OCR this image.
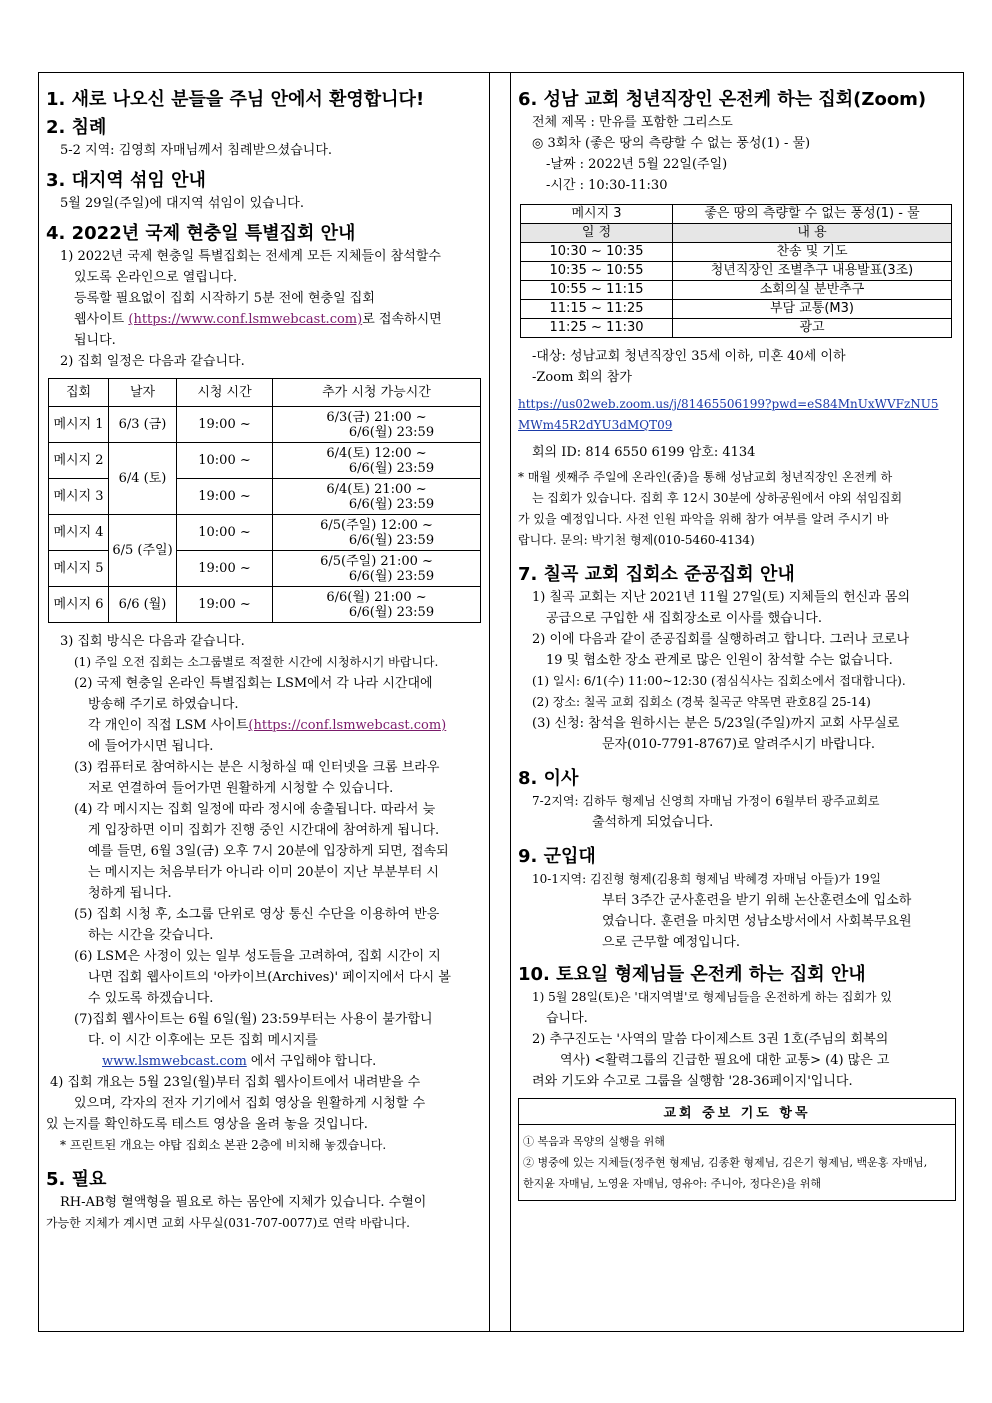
1. 새로 나오신 분들을 주님 안에서 환영합니다!
2. 침례
5-2 지역: 김영희 자매님께서 침례받으셨습니다.
3. 대지역 섞임 안내
5월 29일(주일)에 대지역 섞임이 있습니다.
4. 2022년 국제 현충일 특별집회 안내
1) 2022년 국제 현충일 특별집회는 전세계 모든 지체들이 참석할수
있도록 온라인으로 열립니다.
등록할 필요없이 집회 시작하기 5분 전에 현충일 집회
웹사이트 (https://www.conf.lsmwebcast.com)로 접속하시면
됩니다.
2) 집회 일정은 다음과 같습니다.
집회	날자	시청 시간	추가 시청 가능시간
메시지 1	6/3 (금)	19:00 ~	6/3(금) 21:00 ~
6/6(월) 23:59

메시지 2	6/4 (토)	10:00 ~	6/4(토) 12:00 ~
6/6(월) 23:59

메시지 3		19:00 ~	6/4(토) 21:00 ~
6/6(월) 23:59

메시지 4	6/5 (주일)	10:00 ~	6/5(주일) 12:00 ~
6/6(월) 23:59

메시지 5		19:00 ~	6/5(주일) 21:00 ~
6/6(월) 23:59

메시지 6	6/6 (월)	19:00 ~	6/6(월) 21:00 ~
6/6(월) 23:59
3) 집회 방식은 다음과 같습니다.
(1) 주일 오전 집회는 소그룹별로 적절한 시간에 시청하시기 바랍니다.
(2) 국제 현충일 온라인 특별집회는 LSM에서 각 나라 시간대에
방송해 주기로 하였습니다.
각 개인이 직접 LSM 사이트(https://conf.lsmwebcast.com)
에 들어가시면 됩니다.
(3) 컴퓨터로 참여하시는 분은 시청하실 때 인터넷을 크롬 브라우
저로 연결하여 들어가면 원활하게 시청할 수 있습니다.
(4) 각 메시지는 집회 일정에 따라 정시에 송출됩니다. 따라서 늦
게 입장하면 이미 집회가 진행 중인 시간대에 참여하게 됩니다.
예를 들면, 6월 3일(금) 오후 7시 20분에 입장하게 되면, 접속되
는 메시지는 처음부터가 아니라 이미 20분이 지난 부분부터 시
청하게 됩니다.
(5) 집회 시청 후, 소그룹 단위로 영상 통신 수단을 이용하여 반응
하는 시간을 갖습니다.
(6) LSM은 사정이 있는 일부 성도들을 고려하여, 집회 시간이 지
나면 집회 웹사이트의 '아카이브(Archives)' 페이지에서 다시 볼
수 있도록 하겠습니다.
(7)집회 웹사이트는 6월 6일(월) 23:59부터는 사용이 불가합니
다. 이 시간 이후에는 모든 집회 메시지를
www.lsmwebcast.com 에서 구입해야 합니다.
4) 집회 개요는 5월 23일(월)부터 집회 웹사이트에서 내려받을 수
있으며, 각자의 전자 기기에서 집회 영상을 원활하게 시청할 수
있 는지를 확인하도록 테스트 영상을 올려 놓을 것입니다.
* 프린트된 개요는 야탑 집회소 본관 2층에 비치해 놓겠습니다.
5. 필요
RH-AB형 혈액형을 필요로 하는 몸안에 지체가 있습니다. 수혈이
가능한 지체가 계시면 교회 사무실(031-707-0077)로 연락 바랍니다.
6. 성남 교회 청년직장인 온전케 하는 집회(Zoom)
전체 제목 : 만유를 포함한 그리스도
◎ 3회차 (좋은 땅의 측량할 수 없는 풍성(1) - 물)
-날짜 : 2022년 5월 22일(주일)
-시간 : 10:30-11:30
메시지 3	좋은 땅의 측량할 수 없는 풍성(1) - 물
일 정	내 용
10:30 ~ 10:35	찬송 및 기도
10:35 ~ 10:55	청년직장인 조별추구 내용발표(3조)
10:55 ~ 11:15	소회의실 분반추구
11:15 ~ 11:25	부담 교통(M3)
11:25 ~ 11:30	광고
-대상: 성남교회 청년직장인 35세 이하, 미혼 40세 이하
-Zoom 회의 참가
https://us02web.zoom.us/j/81465506199?pwd=eS84MnUxWVFzNU5
MWm45R2dYU3dMQT09
회의 ID: 814 6550 6199 암호: 4134
* 매월 셋째주 주일에 온라인(줌)을 통해 성남교회 청년직장인 온전케 하
는 집회가 있습니다. 집회 후 12시 30분에 상하공원에서 야외 섞임집회
가 있을 예정입니다. 사전 인원 파악을 위해 참가 여부를 알려 주시기 바
랍니다. 문의: 박기천 형제(010-5460-4134)
7. 칠곡 교회 집회소 준공집회 안내
1) 칠곡 교회는 지난 2021년 11월 27일(토) 지체들의 헌신과 몸의
공급으로 구입한 새 집회장소로 이사를 했습니다.
2) 이에 다음과 같이 준공집회를 실행하려고 합니다. 그러나 코로나
19 및 협소한 장소 관계로 많은 인원이 참석할 수는 없습니다.
(1) 일시: 6/1(수) 11:00~12:30 (점심식사는 집회소에서 접대합니다).
(2) 장소: 칠곡 교회 집회소 (경북 칠곡군 약목면 관호8길 25-14)
(3) 신청: 참석을 원하시는 분은 5/23일(주일)까지 교회 사무실로
문자(010-7791-8767)로 알려주시기 바랍니다.
8. 이사
7-2지역: 김하두 형제님 신영희 자매님 가정이 6월부터 광주교회로
출석하게 되었습니다.
9. 군입대
10-1지역: 김진형 형제(김용희 형제님 박혜경 자매님 아들)가 19일
부터 3주간 군사훈련을 받기 위해 논산훈련소에 입소하
였습니다. 훈련을 마치면 성남소방서에서 사회복무요원
으로 근무할 예정입니다.
10. 토요일 형제님들 온전케 하는 집회 안내
1) 5월 28일(토)은 '대지역별'로 형제님들을 온전하게 하는 집회가 있
습니다.
2) 추구진도는 '사역의 말씀 다이제스트 3권 1호(주님의 회복의
역사) <활력그룹의 긴급한 필요에 대한 교통> (4) 많은 고
려와 기도와 수고로 그룹을 실행함 '28-36페이지'입니다.
교회 중보 기도 항목
① 복음과 목양의 실행을 위해
② 병중에 있는 지체들(정주현 형제님, 김종환 형제님, 김은기 형제님, 백운홍 자매님,
한지윤 자매님, 노영윤 자매님, 영유아: 주니아, 정다은)을 위해
